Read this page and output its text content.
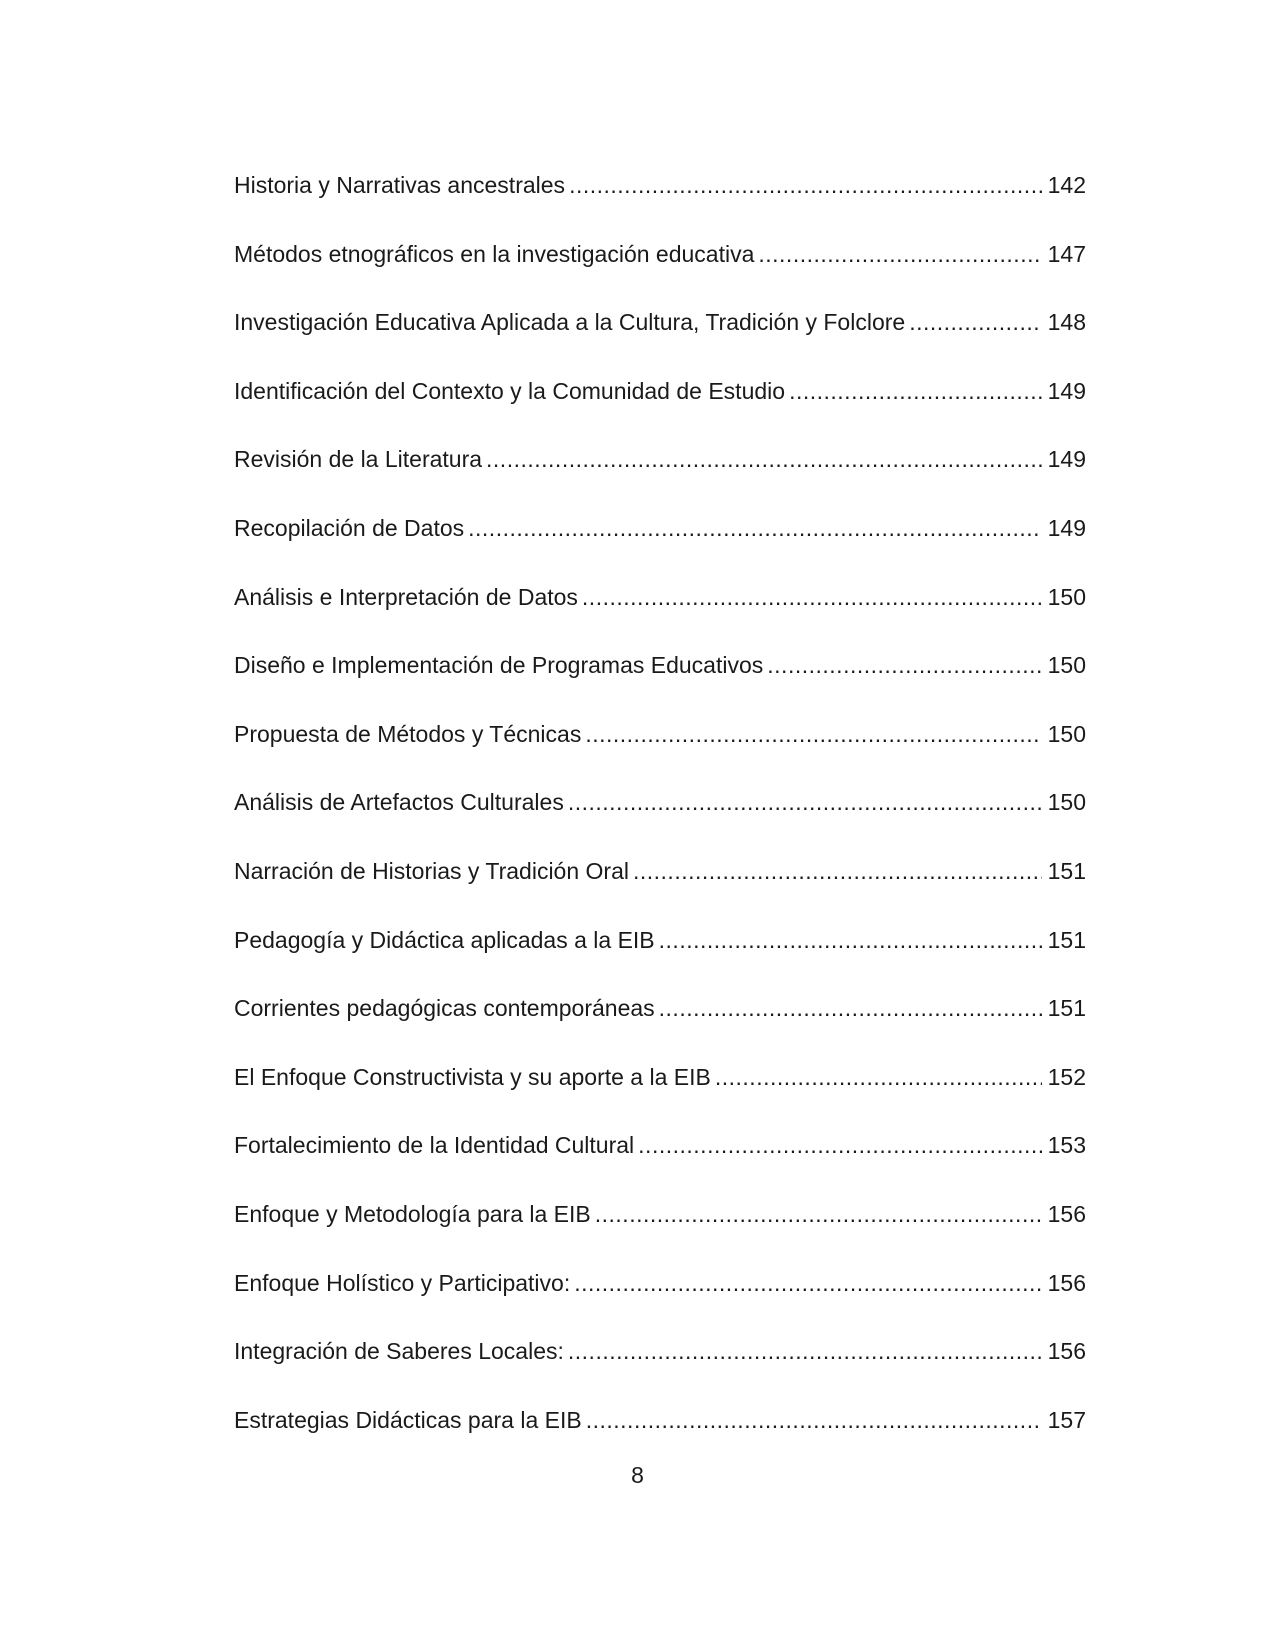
Historia y Narrativas ancestrales .....	142
Métodos etnográficos en la investigación educativa .....	147
Investigación Educativa Aplicada a la Cultura, Tradición y Folclore .....	148
Identificación del Contexto y la Comunidad de Estudio .....	149
Revisión de la Literatura .....	149
Recopilación de Datos .....	149
Análisis e Interpretación de Datos .....	150
Diseño e Implementación de Programas Educativos .....	150
Propuesta de Métodos y Técnicas .....	150
Análisis de Artefactos Culturales .....	150
Narración de Historias y Tradición Oral .....	151
Pedagogía y Didáctica aplicadas a la EIB .....	151
Corrientes pedagógicas contemporáneas .....	151
El Enfoque Constructivista y su aporte a la EIB .....	152
Fortalecimiento de la Identidad Cultural .....	153
Enfoque y Metodología para la EIB .....	156
Enfoque Holístico y Participativo: .....	156
Integración de Saberes Locales: .....	156
Estrategias Didácticas para la EIB .....	157
8
